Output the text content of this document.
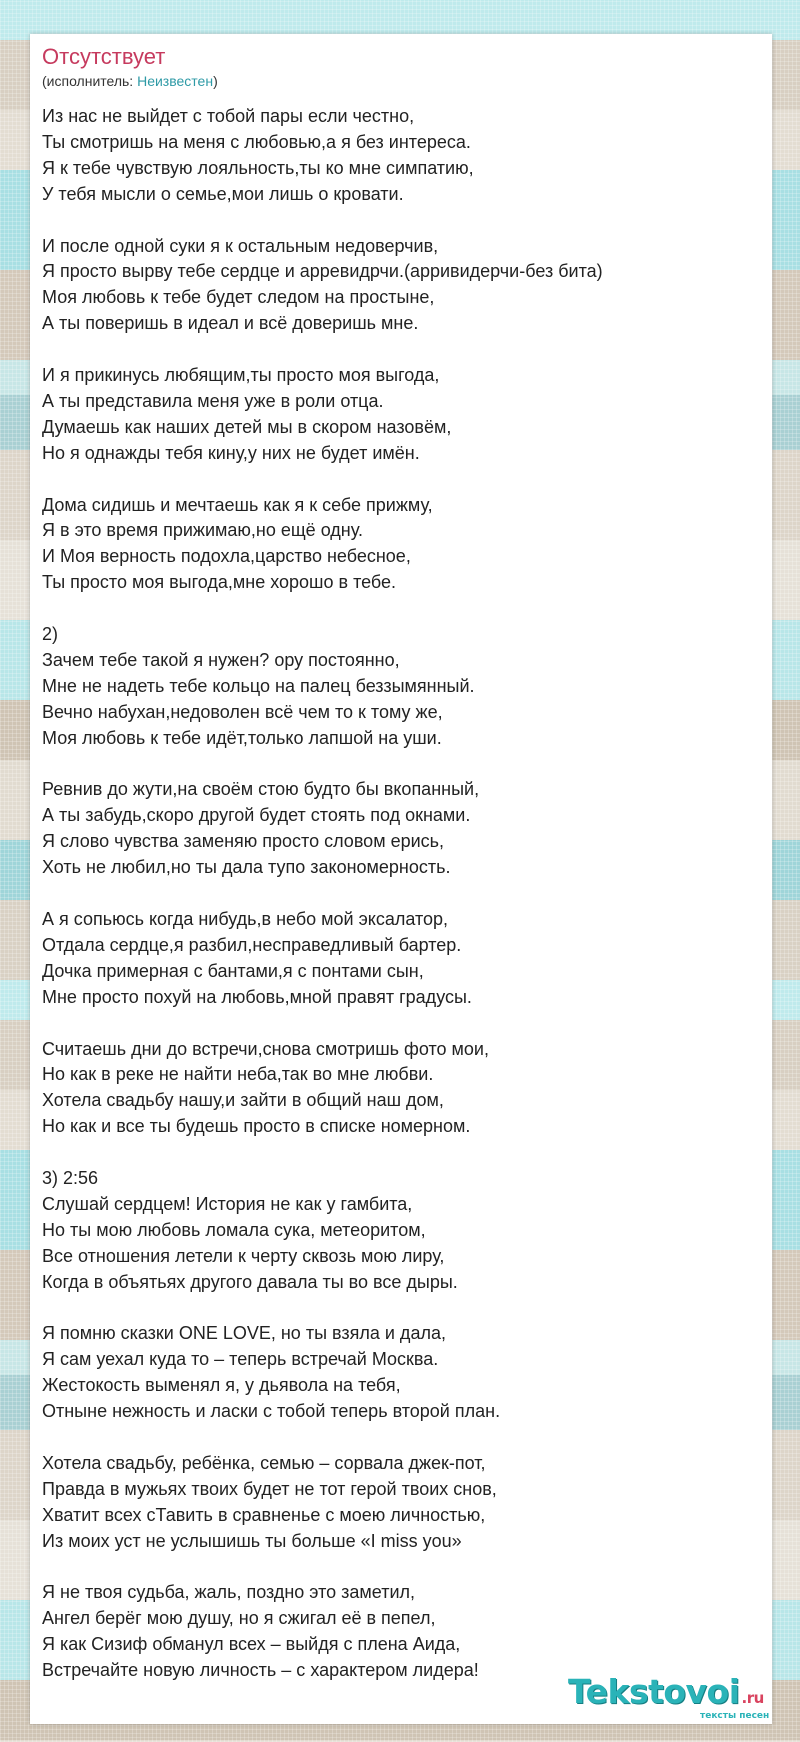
Отсутствует
(исполнитель: Неизвестен)
Из нас не выйдет с тобой пары если честно,
Ты смотришь на меня с любовью,а я без интереса.
Я к тебе чувствую лояльность,ты ко мне симпатию,
У тебя мысли о семье,мои лишь о кровати.
И после одной суки я к остальным недоверчив,
Я просто вырву тебе сердце и арревидрчи.(арривидерчи-без бита)
Моя любовь к тебе будет следом на простыне,
А ты поверишь в идеал и всё доверишь мне.
И я прикинусь любящим,ты просто моя выгода,
А ты представила меня уже в роли отца.
Думаешь как наших детей мы в скором назовём,
Но я однажды тебя кину,у них не будет имён.
Дома сидишь и мечтаешь как я к себе прижму,
Я в это время прижимаю,но ещё одну.
И Моя верность подохла,царство небесное,
Ты просто моя выгода,мне хорошо в тебе.
2)
Зачем тебе такой я нужен? ору постоянно,
Мне не надеть тебе кольцо на палец беззымянный.
Вечно набухан,недоволен всё чем то к тому же,
Моя любовь к тебе идёт,только лапшой на уши.
Ревнив до жути,на своём стою будто бы вкопанный,
А ты забудь,скоро другой будет стоять под окнами.
Я слово чувства заменяю просто словом ерись,
Хоть не любил,но ты дала тупо закономерность.
А я сопьюсь когда нибудь,в небо мой эксалатор,
Отдала сердце,я разбил,несправедливый бартер.
Дочка примерная с бантами,я с понтами сын,
Мне просто похуй на любовь,мной правят градусы.
Считаешь дни до встречи,снова смотришь фото мои,
Но как в реке не найти неба,так во мне любви.
Хотела свадьбу нашу,и зайти в общий наш дом,
Но как и все ты будешь просто в списке номерном.
3) 2:56
Слушай сердцем! История не как у гамбита,
Но ты мою любовь ломала сука, метеоритом,
Все отношения летели к черту сквозь мою лиру,
Когда в объятьях другого давала ты во все дыры.
Я помню сказки ONE LOVE, но ты взяла и дала,
Я сам уехал куда то – теперь встречай Москва.
Жестокость выменял я, у дьявола на тебя,
Отныне нежность и ласки с тобой теперь второй план.
Хотела свадьбу, ребёнка, семью – сорвала джек-пот,
Правда в мужьях твоих будет не тот герой твоих снов,
Хватит всех сТавить в сравненье с моею личностью,
Из моих уст не услышишь ты больше «I miss you»
Я не твоя судьба, жаль, поздно это заметил,
Ангел берёг мою душу, но я сжигал её в пепел,
Я как Сизиф обманул всех – выйдя с плена Аида,
Встречайте новую личность – с характером лидера!
Tekstovoi .ru
тексты песен
